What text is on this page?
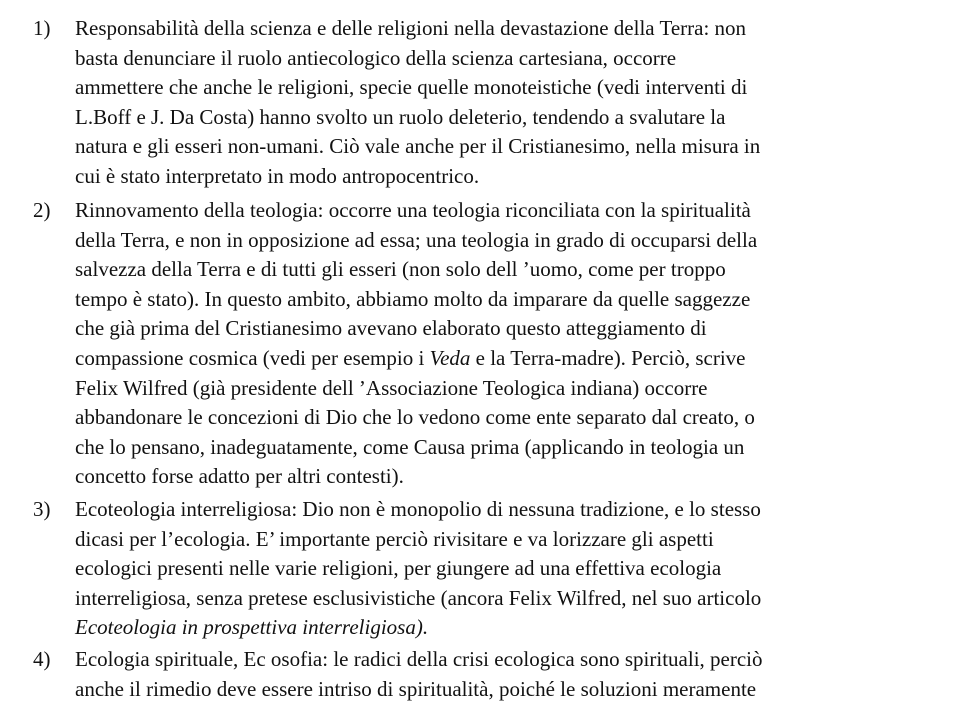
1) Responsabilità della scienza e delle religioni nella devastazione della Terra: non
basta denunciare il ruolo antiecologico della scienza cartesiana, occorre
ammettere che anche le religioni, specie quelle monoteistiche (vedi interventi di
L.Boff e J. Da Costa) hanno svolto un ruolo deleterio, tendendo a svalutare la
natura e gli esseri non-umani. Ciò vale anche per il Cristianesimo, nella misura in
cui è stato interpretato in modo antropocentrico.
2) Rinnovamento della teologia: occorre una teologia riconciliata con la spiritualità
della Terra, e non in opposizione ad essa; una teologia in grado di occuparsi della
salvezza della Terra e di tutti gli esseri (non solo dell ’uomo, come per troppo
tempo è stato). In questo ambito, abbiamo molto da imparare da quelle saggezze
che già prima del Cristianesimo avevano elaborato questo atteggiamento di
compassione cosmica (vedi per esempio i Veda e la Terra-madre). Perciò, scrive
Felix Wilfred (già presidente dell ’Associazione Teologica indiana) occorre
abbandonare le concezioni di Dio che lo vedono come ente separato dal creato, o
che lo pensano, inadeguatamente, come Causa prima (applicando in teologia un
concetto forse adatto per altri contesti).
3) Ecoteologia interreligiosa: Dio non è monopolio di nessuna tradizione, e lo stesso
dicasi per l’ecologia. E’ importante perciò rivisitare e va lorizzare gli aspetti
ecologici presenti nelle varie religioni, per giungere ad una effettiva ecologia
interreligiosa, senza pretese esclusivistiche (ancora Felix Wilfred, nel suo articolo
Ecoteologia in prospettiva interreligiosa).
4) Ecologia spirituale, Ec osofia: le radici della crisi ecologica sono spirituali, perciò
anche il rimedio deve essere intriso di spiritualità, poiché le soluzioni meramente
